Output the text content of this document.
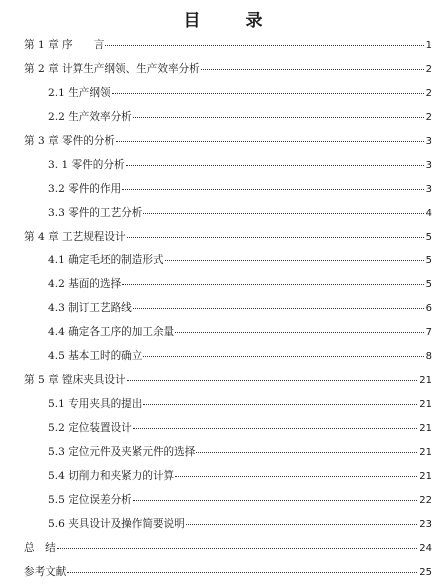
目　录
第 1 章 序　　言	1
第 2 章 计算生产纲领、生产效率分析	2
2.1 生产纲领	2
2.2 生产效率分析	2
第 3 章 零件的分析	3
3. 1 零件的分析	3
3.2 零件的作用	3
3.3 零件的工艺分析	4
第 4 章 工艺规程设计	5
4.1 确定毛坯的制造形式	5
4.2 基面的选择	5
4.3 制订工艺路线	6
4.4 确定各工序的加工余量	7
4.5 基本工时的确立	8
第 5 章 镗床夹具设计	21
5.1 专用夹具的提出	21
5.2 定位装置设计	21
5.3 定位元件及夹紧元件的选择	21
5.4 切削力和夹紧力的计算	21
5.5 定位误差分析	22
5.6 夹具设计及操作简要说明	23
总　结	24
参考文献	25
